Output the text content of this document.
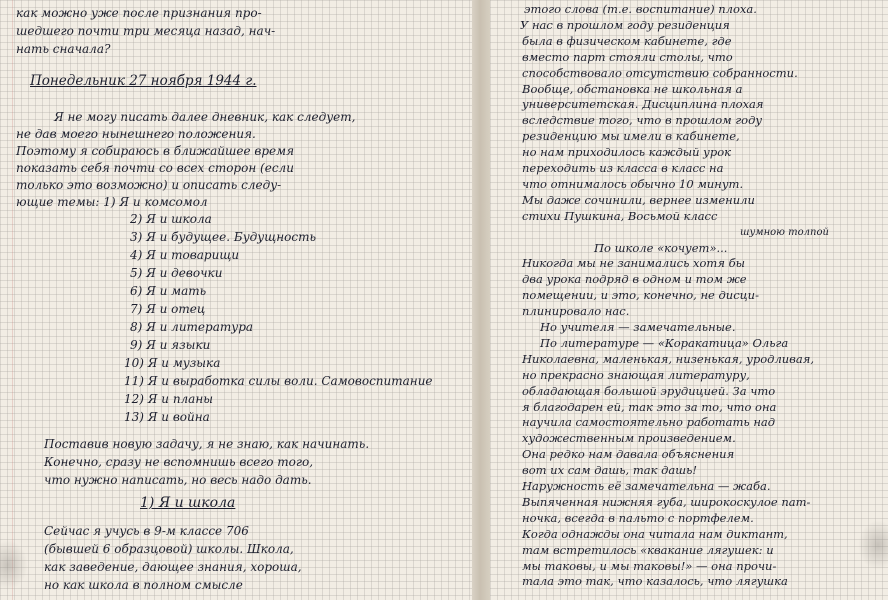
как можно уже после признания про-
шедшего почти три месяца назад, нач-
нать сначала?
Понедельник 27 ноября 1944 г.
Я не могу писать далее дневник, как следует,
не дав моего нынешнего положения.
Поэтому я собираюсь в ближайшее время
показать себя почти со всех сторон (если
только это возможно) и описать следу-
ющие темы: 1) Я и комсомол
2) Я и школа
3) Я и будущее. Будущность
4) Я и товарищи
5) Я и девочки
6) Я и мать
7) Я и отец
8) Я и литература
9) Я и языки
10) Я и музыка
11) Я и выработка силы воли. Самовоспитание
12) Я и планы
13) Я и война
Поставив новую задачу, я не знаю, как начинать.
Конечно, сразу не вспомнишь всего того,
что нужно написать, но весь надо дать.
1) Я и школа
Сейчас я учусь в 9-м классе 706
(бывшей 6 образцовой) школы. Школа,
как заведение, дающее знания, хороша,
но как школа в полном смысле
этого слова (т.е. воспитание) плоха.
У нас в прошлом году резиденция
была в физическом кабинете, где
вместо парт стояли столы, что
способствовало отсутствию собранности.
Вообще, обстановка не школьная а
университетская. Дисциплина плохая
вследствие того, что в прошлом году
резиденцию мы имели в кабинете,
но нам приходилось каждый урок
переходить из класса в класс на
что отнималось обычно 10 минут.
Мы даже сочинили, вернее изменили
стихи Пушкина, Восьмой класс
шумною толпой
По школе «кочует»...
Никогда мы не занимались хотя бы
два урока подряд в одном и том же
помещении, и это, конечно, не дисци-
плинировало нас.
Но учителя — замечательные.
По литературе — «Коракатица» Ольга
Николаевна, маленькая, низенькая, уродливая,
но прекрасно знающая литературу,
обладающая большой эрудицией. За что
я благодарен ей, так это за то, что она
научила самостоятельно работать над
художественным произведением.
Она редко нам давала объяснения
вот их сам дашь, так дашь!
Наружность её замечательна — жаба.
Выпяченная нижняя губа, широкоскулое пат-
ночка, всегда в пальто с портфелем.
Когда однажды она читала нам диктант,
там встретилось «квакание лягушек: и
мы таковы, и мы таковы!» — она прочи-
тала это так, что казалось, что лягушка
